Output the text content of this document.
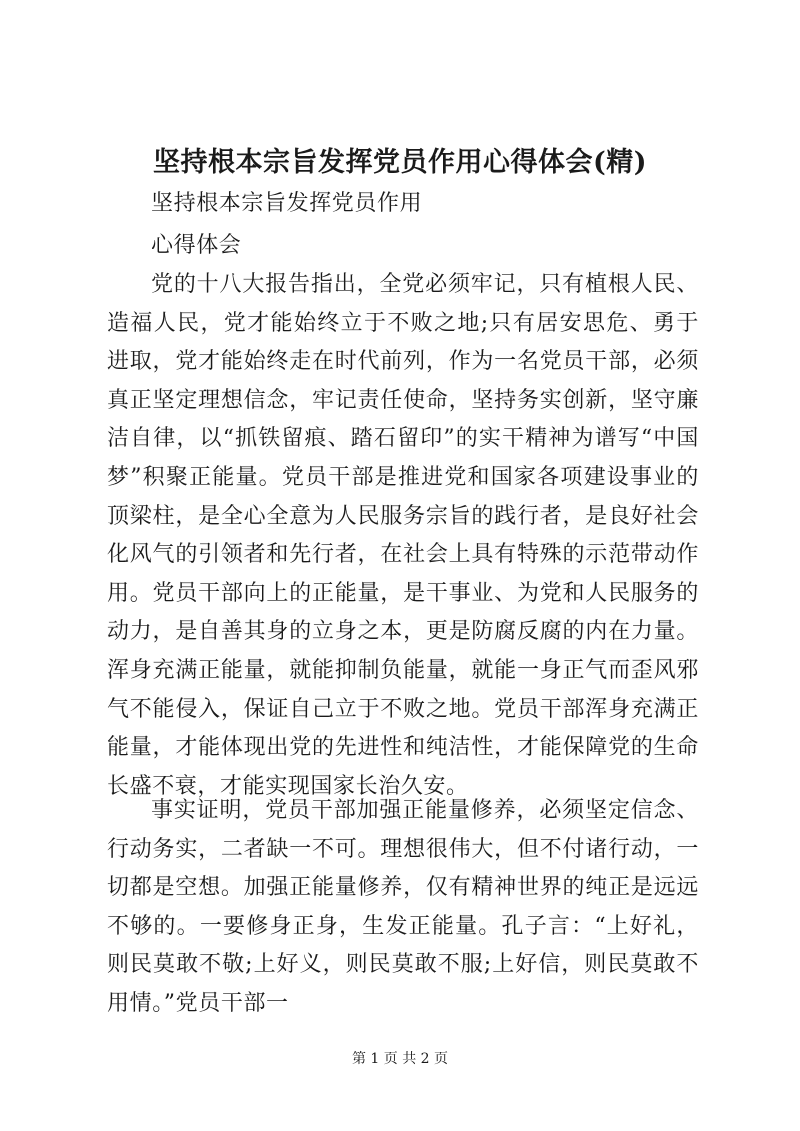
坚持根本宗旨发挥党员作用心得体会(精)

坚持根本宗旨发挥党员作用

心得体会

党的十八大报告指出，全党必须牢记，只有植根人民、造福人民，党才能始终立于不败之地;只有居安思危、勇于进取，党才能始终走在时代前列，作为一名党员干部，必须真正坚定理想信念，牢记责任使命，坚持务实创新，坚守廉洁自律，以“抓铁留痕、踏石留印”的实干精神为谱写“中国梦”积聚正能量。党员干部是推进党和国家各项建设事业的顶梁柱，是全心全意为人民服务宗旨的践行者，是良好社会化风气的引领者和先行者，在社会上具有特殊的示范带动作用。党员干部向上的正能量，是干事业、为党和人民服务的动力，是自善其身的立身之本，更是防腐反腐的内在力量。浑身充满正能量，就能抑制负能量，就能一身正气而歪风邪气不能侵入，保证自己立于不败之地。党员干部浑身充满正能量，才能体现出党的先进性和纯洁性，才能保障党的生命长盛不衰，才能实现国家长治久安。

事实证明，党员干部加强正能量修养，必须坚定信念、行动务实，二者缺一不可。理想很伟大，但不付诸行动，一切都是空想。加强正能量修养，仅有精神世界的纯正是远远不够的。一要修身正身，生发正能量。孔子言：“上好礼，则民莫敢不敬;上好义，则民莫敢不服;上好信，则民莫敢不用情。”党员干部一

第 1 页 共 2 页
